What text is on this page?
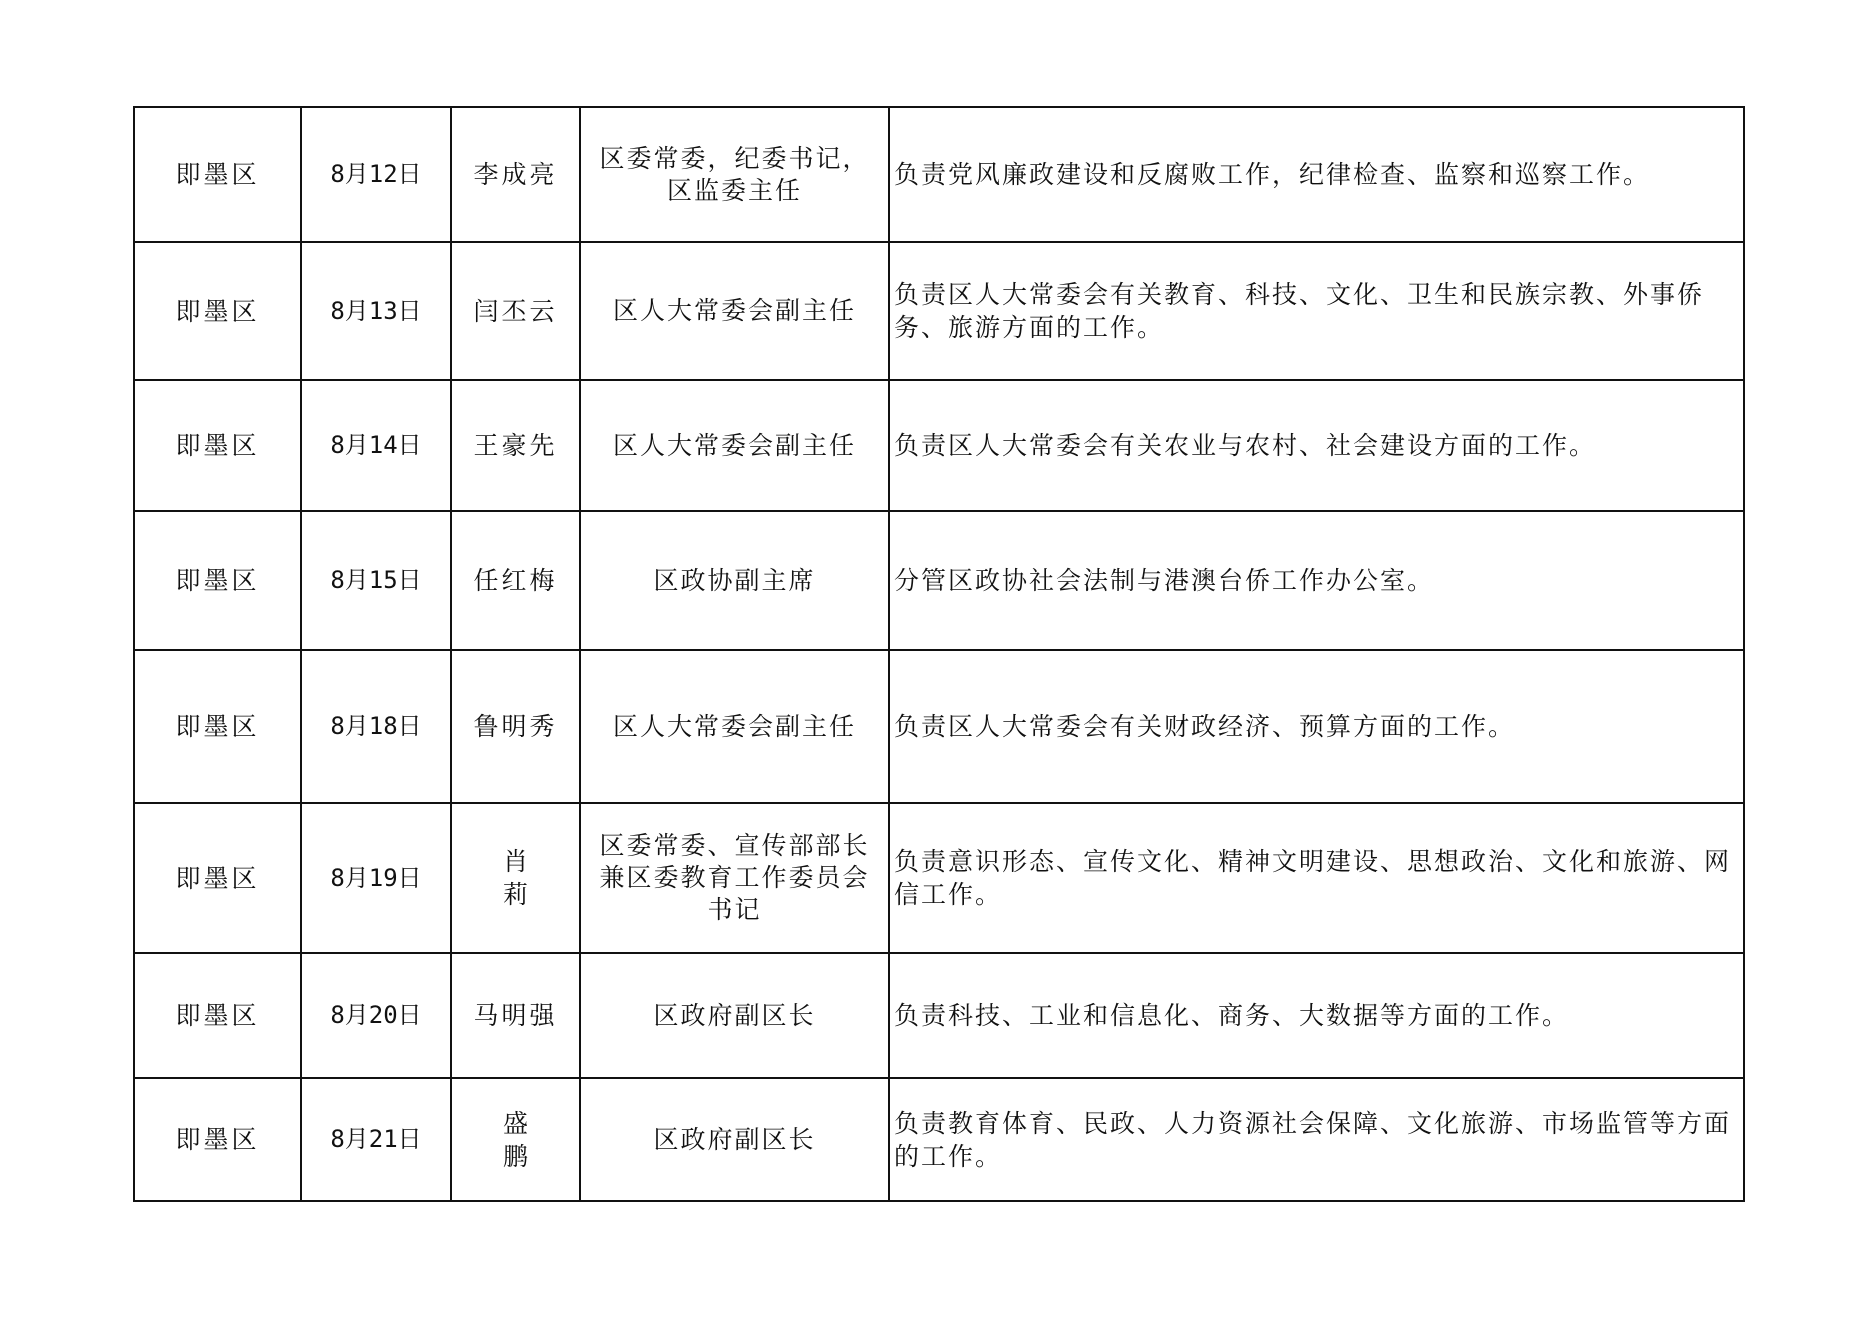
即墨区	8月12日	李成亮	区委常委，纪委书记，区监委主任	负责党风廉政建设和反腐败工作，纪律检查、监察和巡察工作。
即墨区	8月13日	闫丕云	区人大常委会副主任	负责区人大常委会有关教育、科技、文化、卫生和民族宗教、外事侨务、旅游方面的工作。
即墨区	8月14日	王豪先	区人大常委会副主任	负责区人大常委会有关农业与农村、社会建设方面的工作。
即墨区	8月15日	任红梅	区政协副主席	分管区政协社会法制与港澳台侨工作办公室。
即墨区	8月18日	鲁明秀	区人大常委会副主任	负责区人大常委会有关财政经济、预算方面的工作。
即墨区	8月19日	肖 莉	区委常委、宣传部部长兼区委教育工作委员会书记	负责意识形态、宣传文化、精神文明建设、思想政治、文化和旅游、网信工作。
即墨区	8月20日	马明强	区政府副区长	负责科技、工业和信息化、商务、大数据等方面的工作。
即墨区	8月21日	盛 鹏	区政府副区长	负责教育体育、民政、人力资源社会保障、文化旅游、市场监管等方面的工作。
